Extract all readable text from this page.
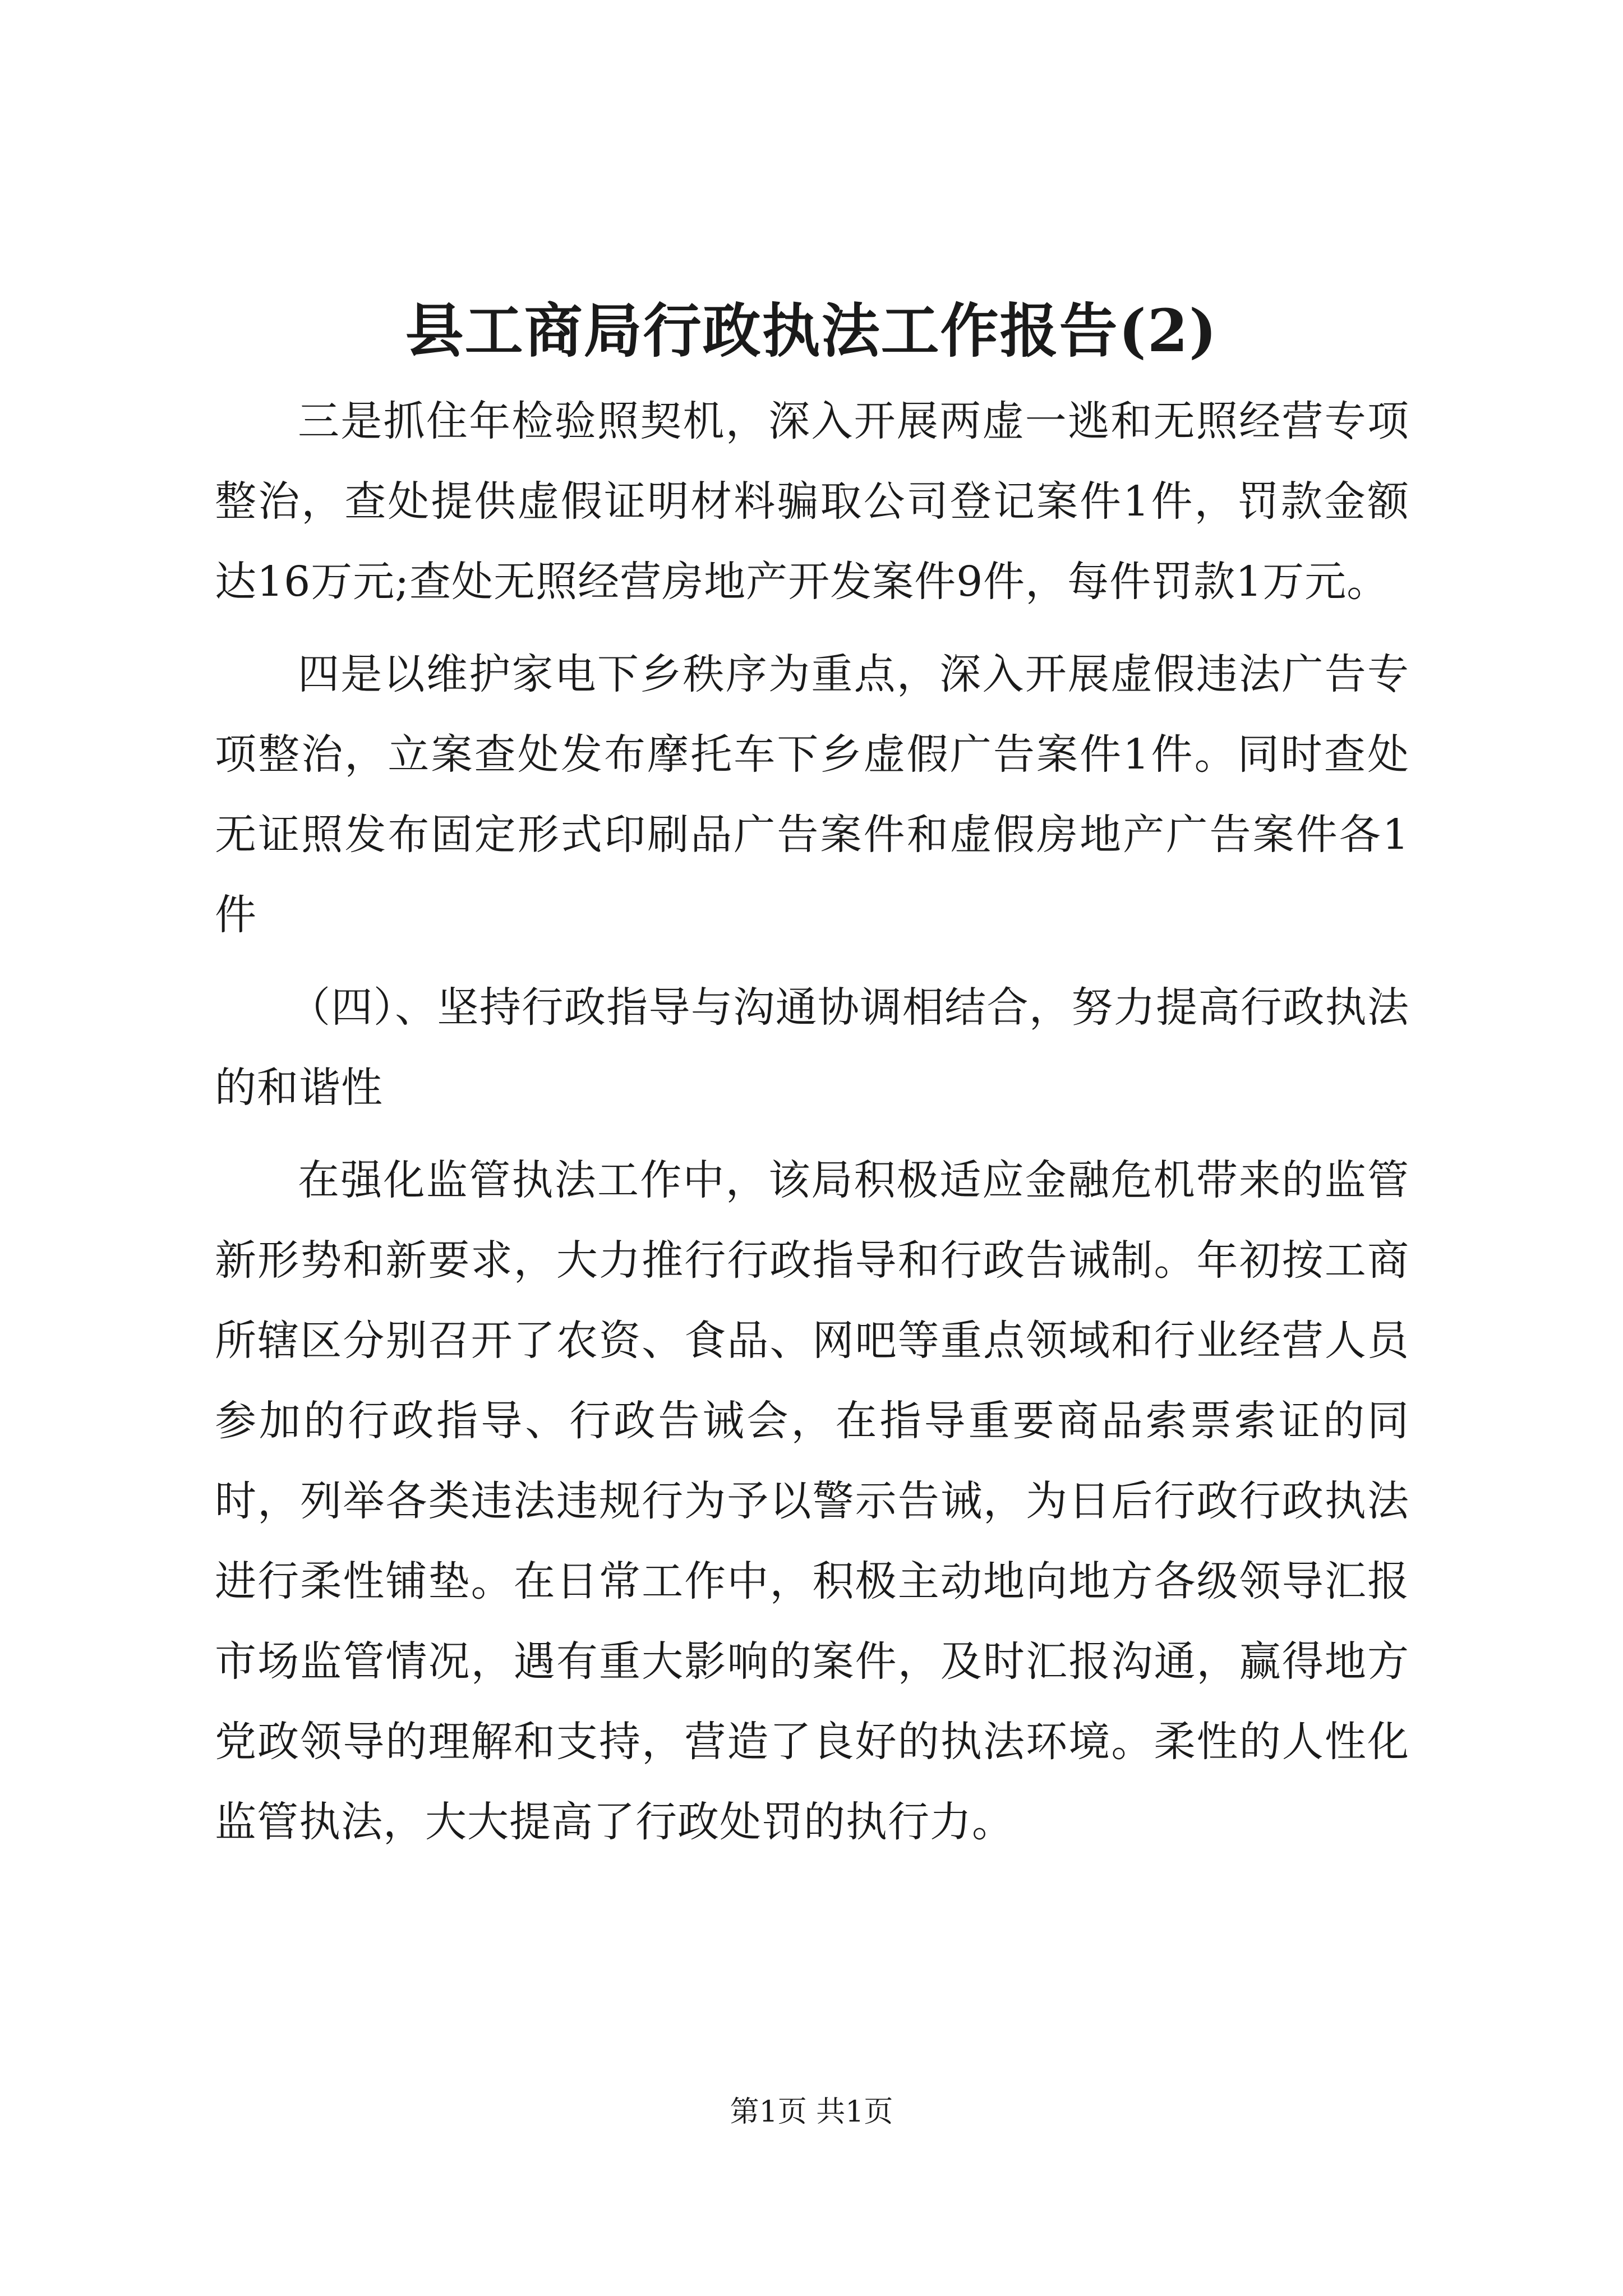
县工商局行政执法工作报告(2)

三是抓住年检验照契机，深入开展两虚一逃和无照经营专项整治，查处提供虚假证明材料骗取公司登记案件1件，罚款金额达16万元;查处无照经营房地产开发案件9件，每件罚款1万元。

四是以维护家电下乡秩序为重点，深入开展虚假违法广告专项整治，立案查处发布摩托车下乡虚假广告案件1件。同时查处无证照发布固定形式印刷品广告案件和虚假房地产广告案件各1件

（四）、坚持行政指导与沟通协调相结合，努力提高行政执法的和谐性

在强化监管执法工作中，该局积极适应金融危机带来的监管新形势和新要求，大力推行行政指导和行政告诫制。年初按工商所辖区分别召开了农资、食品、网吧等重点领域和行业经营人员参加的行政指导、行政告诫会，在指导重要商品索票索证的同时，列举各类违法违规行为予以警示告诫，为日后行政行政执法进行柔性铺垫。在日常工作中，积极主动地向地方各级领导汇报市场监管情况，遇有重大影响的案件，及时汇报沟通，赢得地方党政领导的理解和支持，营造了良好的执法环境。柔性的人性化监管执法，大大提高了行政处罚的执行力。

第1页 共1页
